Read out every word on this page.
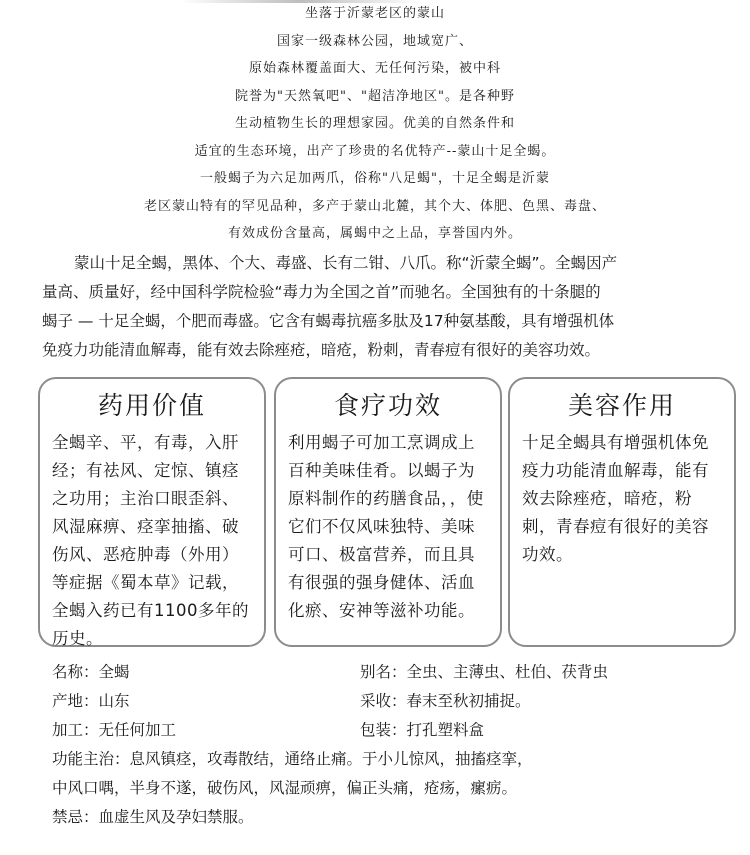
坐落于沂蒙老区的蒙山
国家一级森林公园，地域宽广、
原始森林覆盖面大、无任何污染，被中科
院誉为"天然氧吧"、"超洁净地区"。是各种野
生动植物生长的理想家园。优美的自然条件和
适宜的生态环境，出产了珍贵的名优特产--蒙山十足全蝎。
一般蝎子为六足加两爪，俗称"八足蝎"，十足全蝎是沂蒙
老区蒙山特有的罕见品种，多产于蒙山北麓，其个大、体肥、色黑、毒盘、
有效成份含量高，属蝎中之上品，享誉国内外。

蒙山十足全蝎，黑体、个大、毒盛、长有二钳、八爪。称“沂蒙全蝎”。全蝎因产

量高、质量好，经中国科学院检验“毒力为全国之首”而驰名。全国独有的十条腿的

蝎子 — 十足全蝎，个肥而毒盛。它含有蝎毒抗癌多肽及17种氨基酸，具有增强机体

免疫力功能清血解毒，能有效去除痤疮，暗疮，粉刺，青春痘有很好的美容功效。

药用价值

全蝎辛、平，有毒，入肝经；有祛风、定惊、镇痉之功用；主治口眼歪斜、风湿麻痹、痉挛抽搐、破伤风、恶疮肿毒（外用）等症据《蜀本草》记载，全蝎入药已有1100多年的历史。

食疗功效

利用蝎子可加工烹调成上百种美味佳肴。以蝎子为原料制作的药膳食品，，使它们不仅风味独特、美味可口、极富营养，而且具有很强的强身健体、活血化瘀、安神等滋补功能。

美容作用

十足全蝎具有增强机体免疫力功能清血解毒，能有效去除痤疮，暗疮，粉刺，青春痘有很好的美容功效。

名称：全蝎	别名：全虫、主薄虫、杜伯、茯背虫
产地：山东	采收：春末至秋初捕捉。
加工：无任何加工	包装：打孔塑料盒
功能主治：息风镇痉，攻毒散结，通络止痛。于小儿惊风，抽搐痉挛，
中风口喁，半身不遂，破伤风，风湿顽痹，偏正头痛，疮疡，瘰疬。
禁忌：血虚生风及孕妇禁服。
